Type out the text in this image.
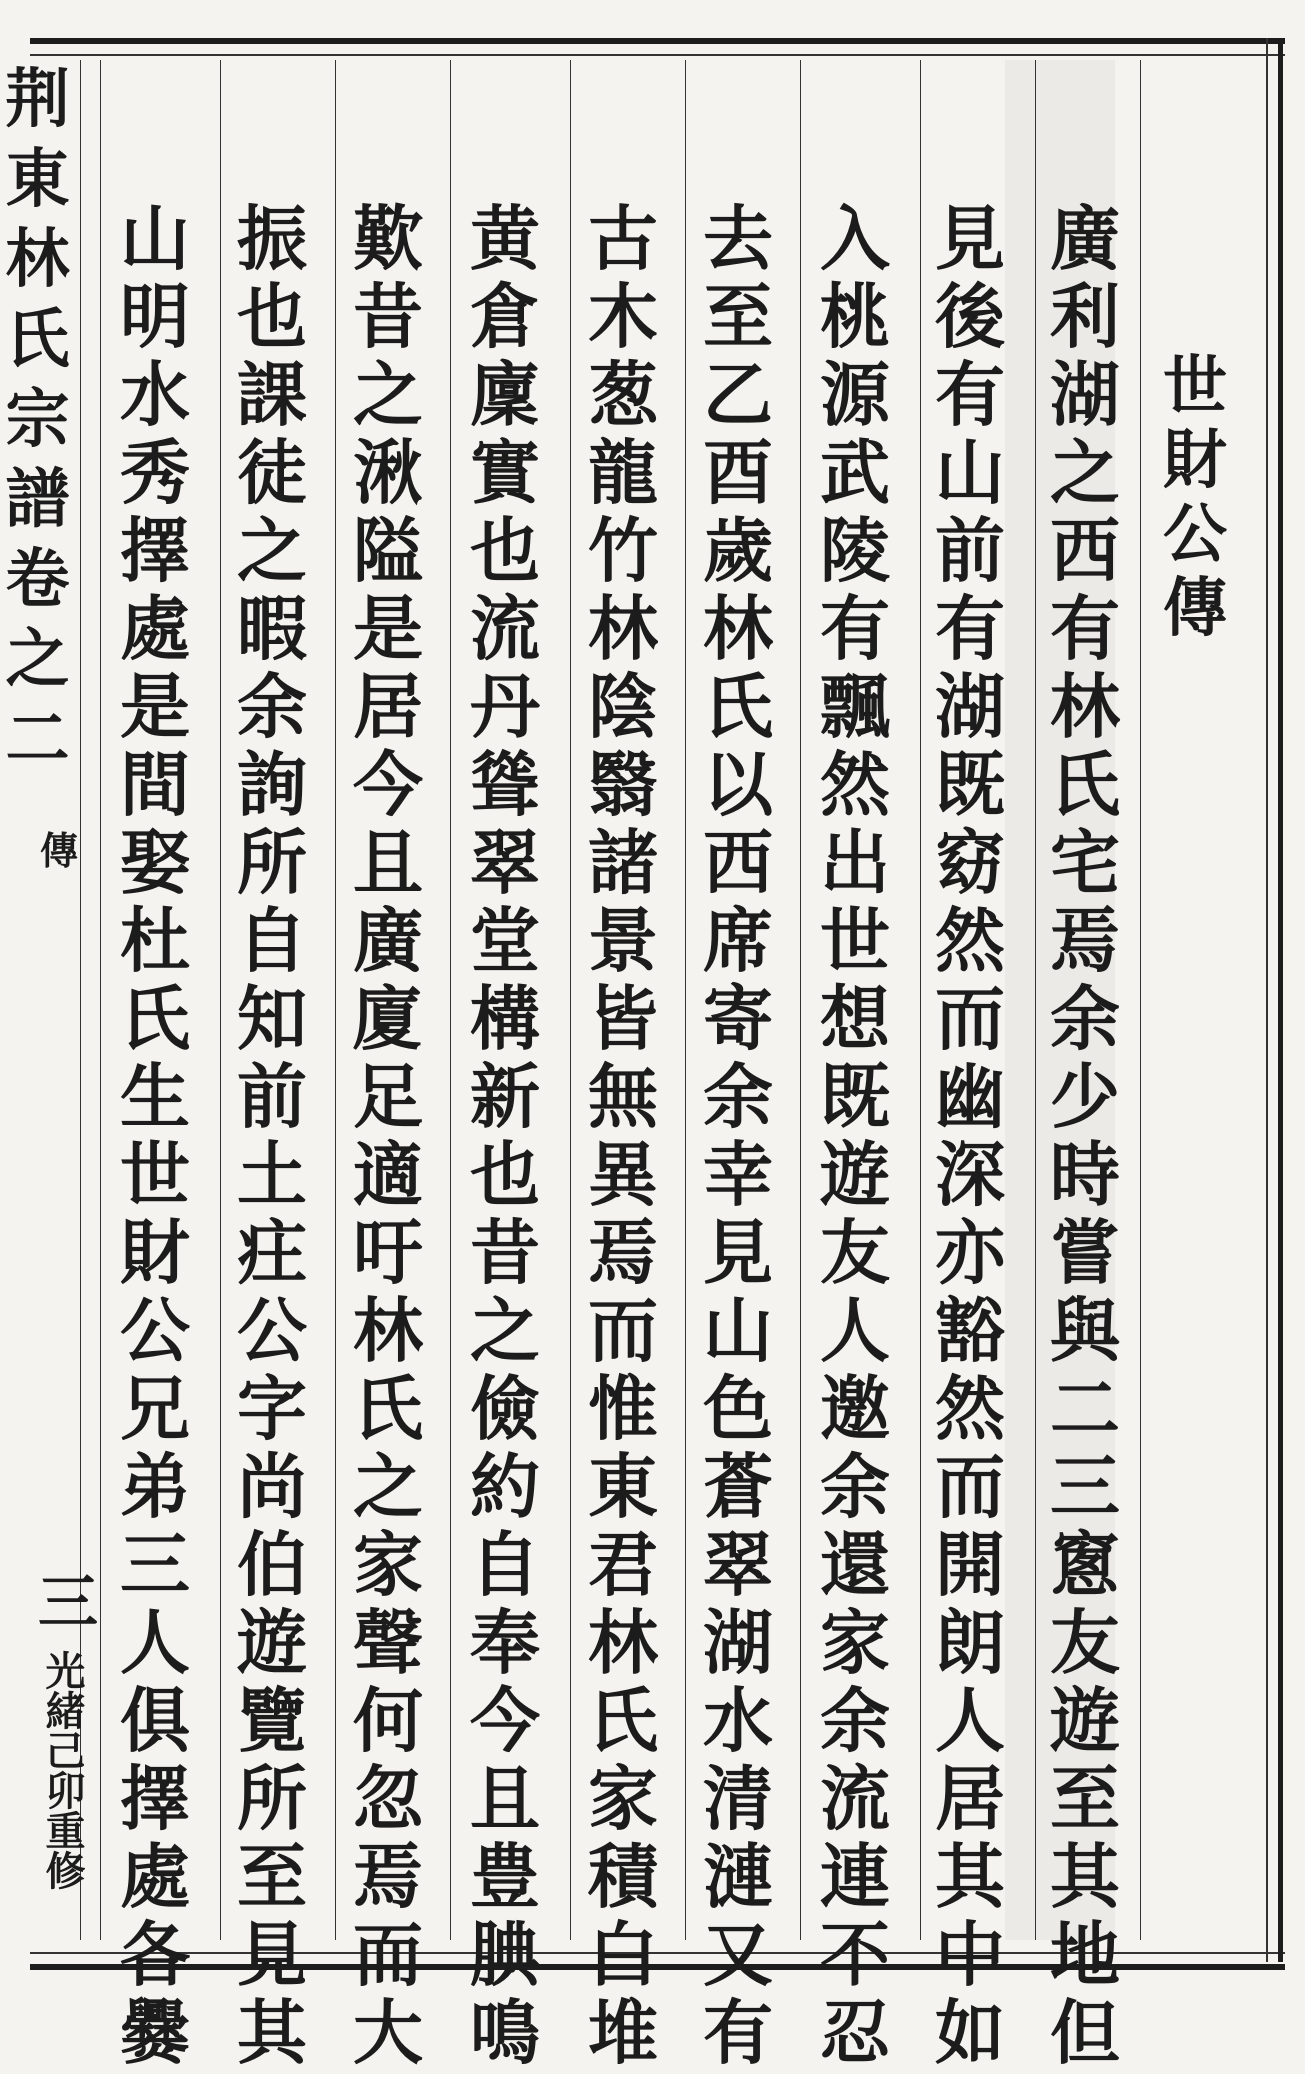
世
財
公
傳
廣
利
湖
之
西
有
林
氏
宅
焉
余
少
時
嘗
與
二
三
窻
友
遊
至
其
地
但
見
後
有
山
前
有
湖
既
窈
然
而
幽
深
亦
豁
然
而
開
朗
人
居
其
中
如
入
桃
源
武
陵
有
飄
然
出
世
想
既
遊
友
人
邀
余
還
家
余
流
連
不
忍
去
至
乙
酉
歲
林
氏
以
西
席
寄
余
幸
見
山
色
蒼
翠
湖
水
清
漣
又
有
古
木
葱
龍
竹
林
陰
翳
諸
景
皆
無
異
焉
而
惟
東
君
林
氏
家
積
白
堆
黄
倉
廩
實
也
流
丹
聳
翠
堂
構
新
也
昔
之
儉
約
自
奉
今
且
豊
腆
鳴
歎
昔
之
湫
隘
是
居
今
且
廣
廈
足
適
吁
林
氏
之
家
聲
何
忽
焉
而
大
振
也
課
徒
之
暇
余
詢
所
自
知
前
土
㽵
公
字
尚
伯
遊
覽
所
至
見
其
山
明
水
秀
擇
處
是
間
娶
杜
氏
生
世
財
公
兄
弟
三
人
俱
擇
處
各
爨
荆
東
林
氏
宗
譜
卷
之
二
傳
三
光緒己卯重修
